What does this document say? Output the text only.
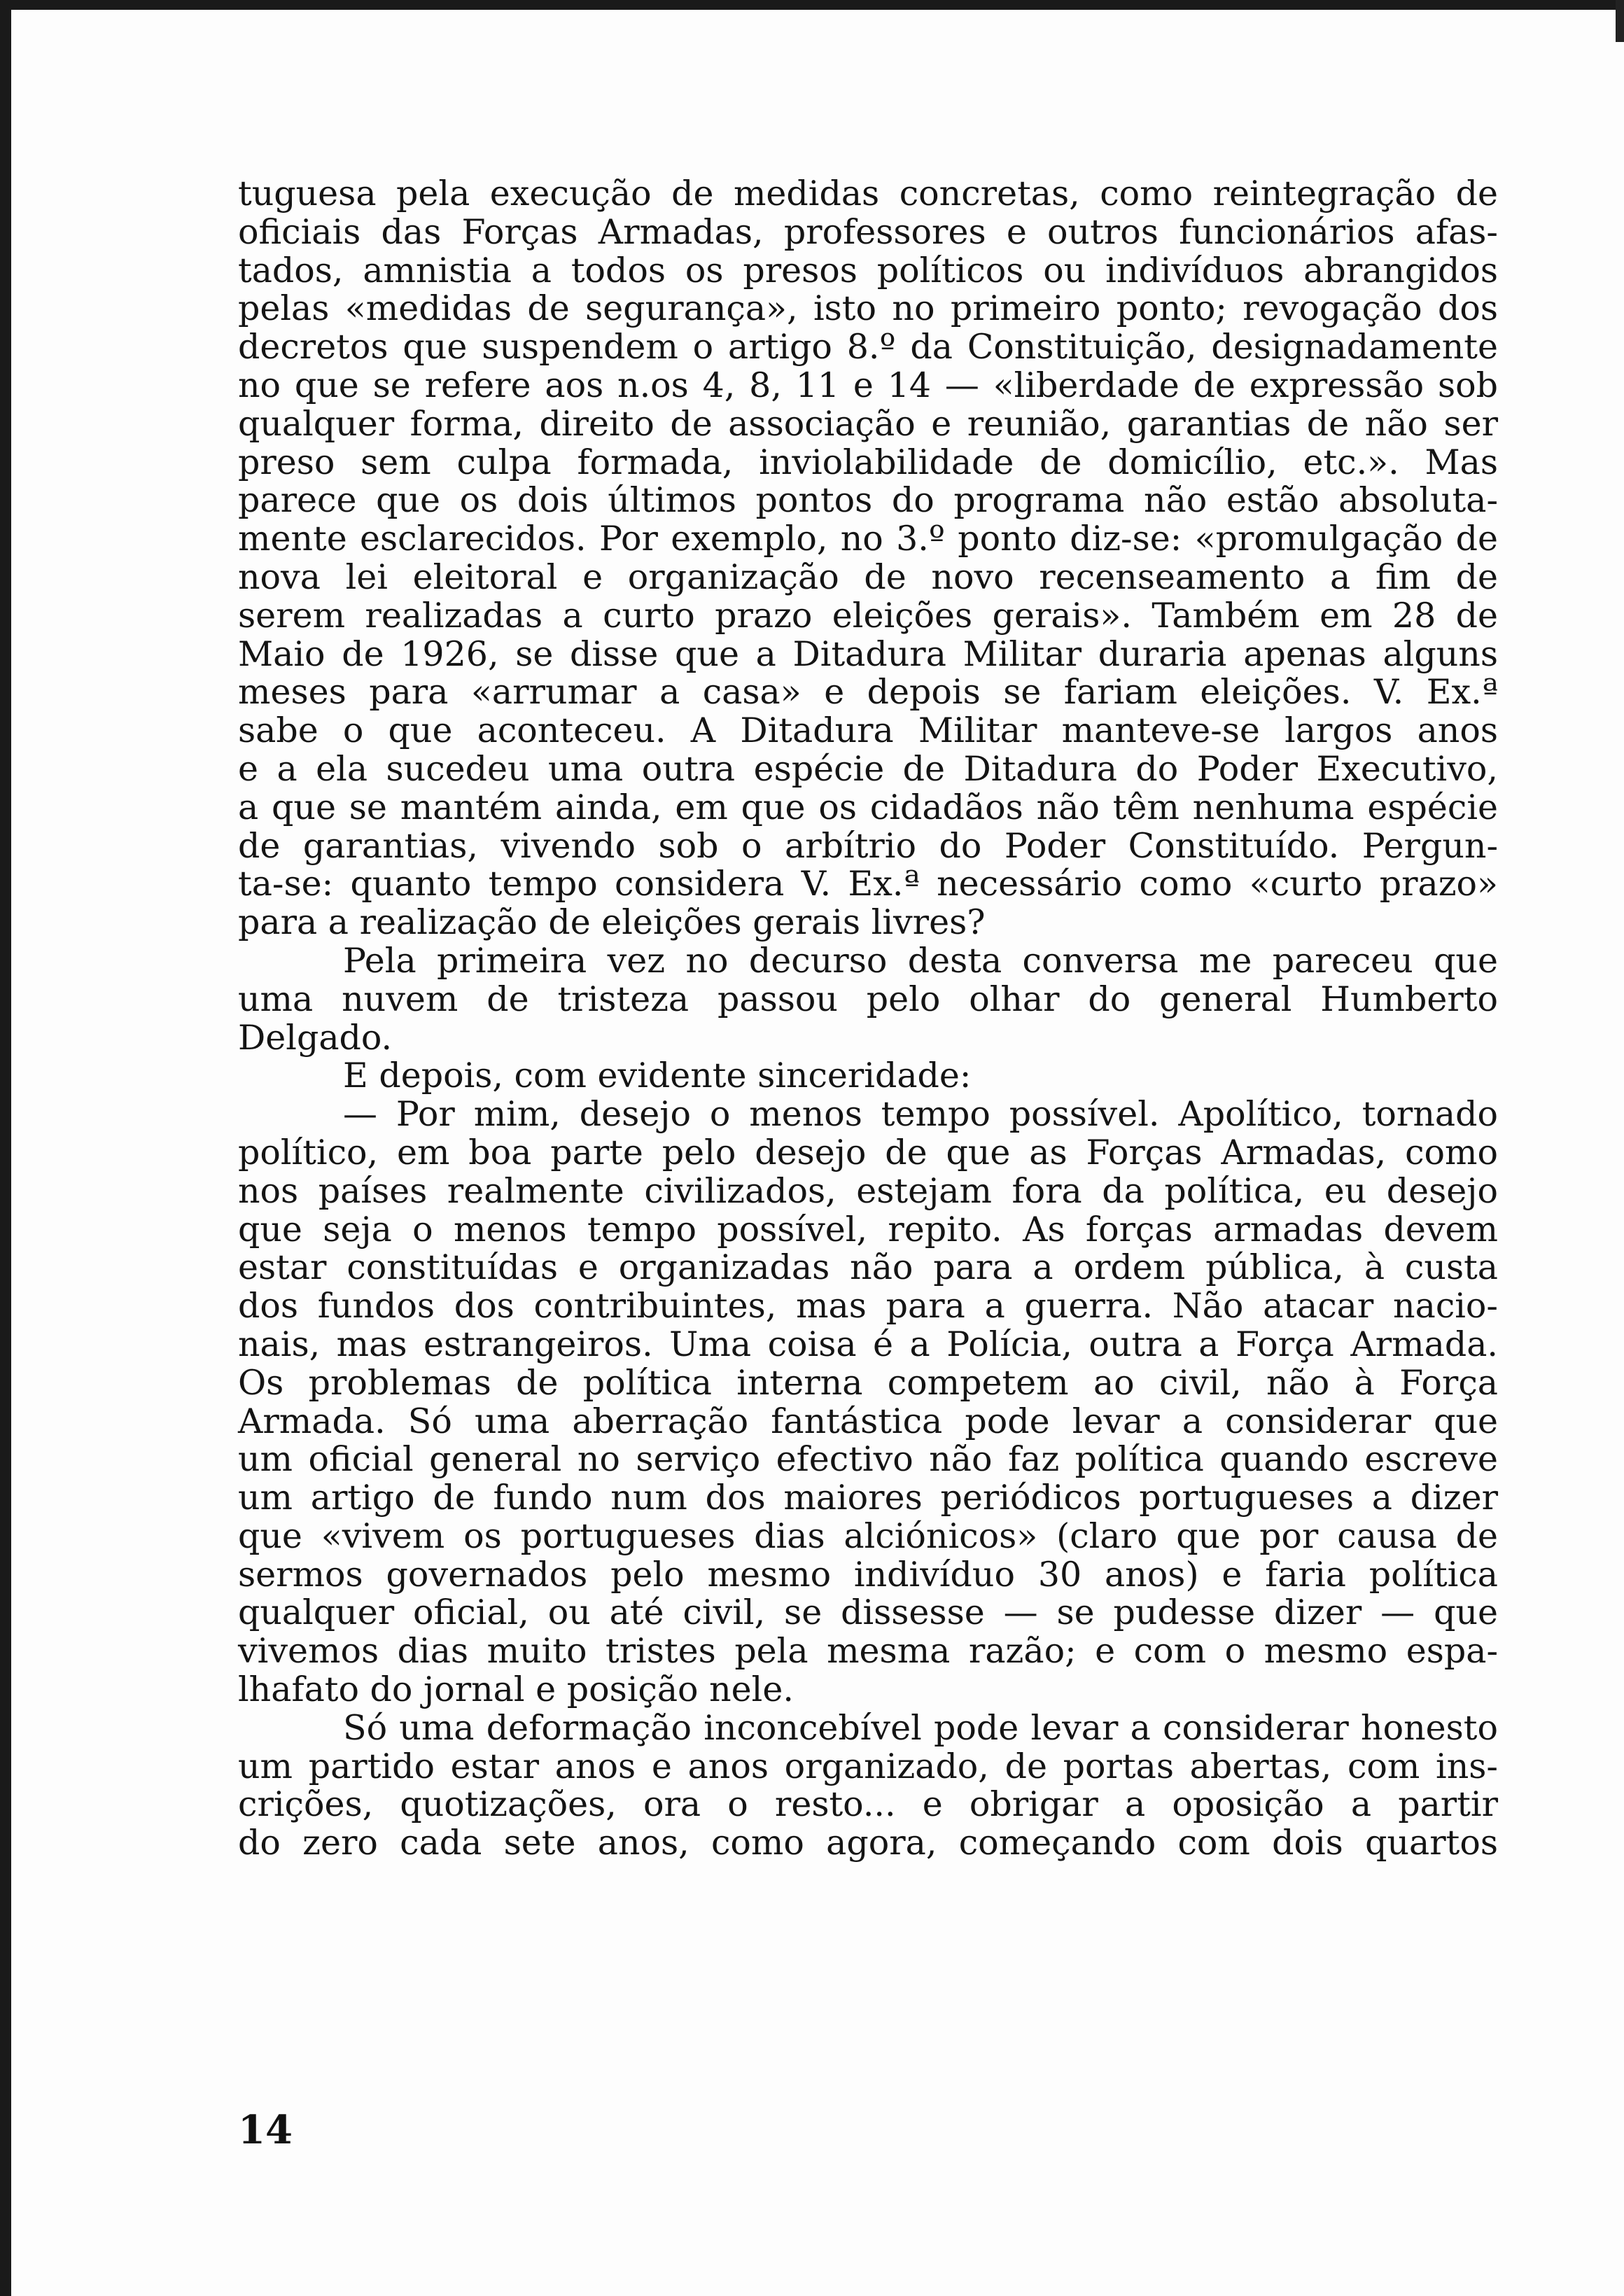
tuguesa pela execução de medidas concretas, como reintegração de
oficiais das Forças Armadas, professores e outros funcionários afas-
tados, amnistia a todos os presos políticos ou indivíduos abrangidos
pelas «medidas de segurança», isto no primeiro ponto; revogação dos
decretos que suspendem o artigo 8.º da Constituição, designadamente
no que se refere aos n.os 4, 8, 11 e 14 — «liberdade de expressão sob
qualquer forma, direito de associação e reunião, garantias de não ser
preso sem culpa formada, inviolabilidade de domicílio, etc.». Mas
parece que os dois últimos pontos do programa não estão absoluta-
mente esclarecidos. Por exemplo, no 3.º ponto diz-se: «promulgação de
nova lei eleitoral e organização de novo recenseamento a fim de
serem realizadas a curto prazo eleições gerais». Também em 28 de
Maio de 1926, se disse que a Ditadura Militar duraria apenas alguns
meses para «arrumar a casa» e depois se fariam eleições. V. Ex.ª
sabe o que aconteceu. A Ditadura Militar manteve-se largos anos
e a ela sucedeu uma outra espécie de Ditadura do Poder Executivo,
a que se mantém ainda, em que os cidadãos não têm nenhuma espécie
de garantias, vivendo sob o arbítrio do Poder Constituído. Pergun-
ta-se: quanto tempo considera V. Ex.ª necessário como «curto prazo»
para a realização de eleições gerais livres?
Pela primeira vez no decurso desta conversa me pareceu que
uma nuvem de tristeza passou pelo olhar do general Humberto
Delgado.
E depois, com evidente sinceridade:
— Por mim, desejo o menos tempo possível. Apolítico, tornado
político, em boa parte pelo desejo de que as Forças Armadas, como
nos países realmente civilizados, estejam fora da política, eu desejo
que seja o menos tempo possível, repito. As forças armadas devem
estar constituídas e organizadas não para a ordem pública, à custa
dos fundos dos contribuintes, mas para a guerra. Não atacar nacio-
nais, mas estrangeiros. Uma coisa é a Polícia, outra a Força Armada.
Os problemas de política interna competem ao civil, não à Força
Armada. Só uma aberração fantástica pode levar a considerar que
um oficial general no serviço efectivo não faz política quando escreve
um artigo de fundo num dos maiores periódicos portugueses a dizer
que «vivem os portugueses dias alciónicos» (claro que por causa de
sermos governados pelo mesmo indivíduo 30 anos) e faria política
qualquer oficial, ou até civil, se dissesse — se pudesse dizer — que
vivemos dias muito tristes pela mesma razão; e com o mesmo espa-
lhafato do jornal e posição nele.
Só uma deformação inconcebível pode levar a considerar honesto
um partido estar anos e anos organizado, de portas abertas, com ins-
crições, quotizações, ora o resto... e obrigar a oposição a partir
do zero cada sete anos, como agora, começando com dois quartos
14
